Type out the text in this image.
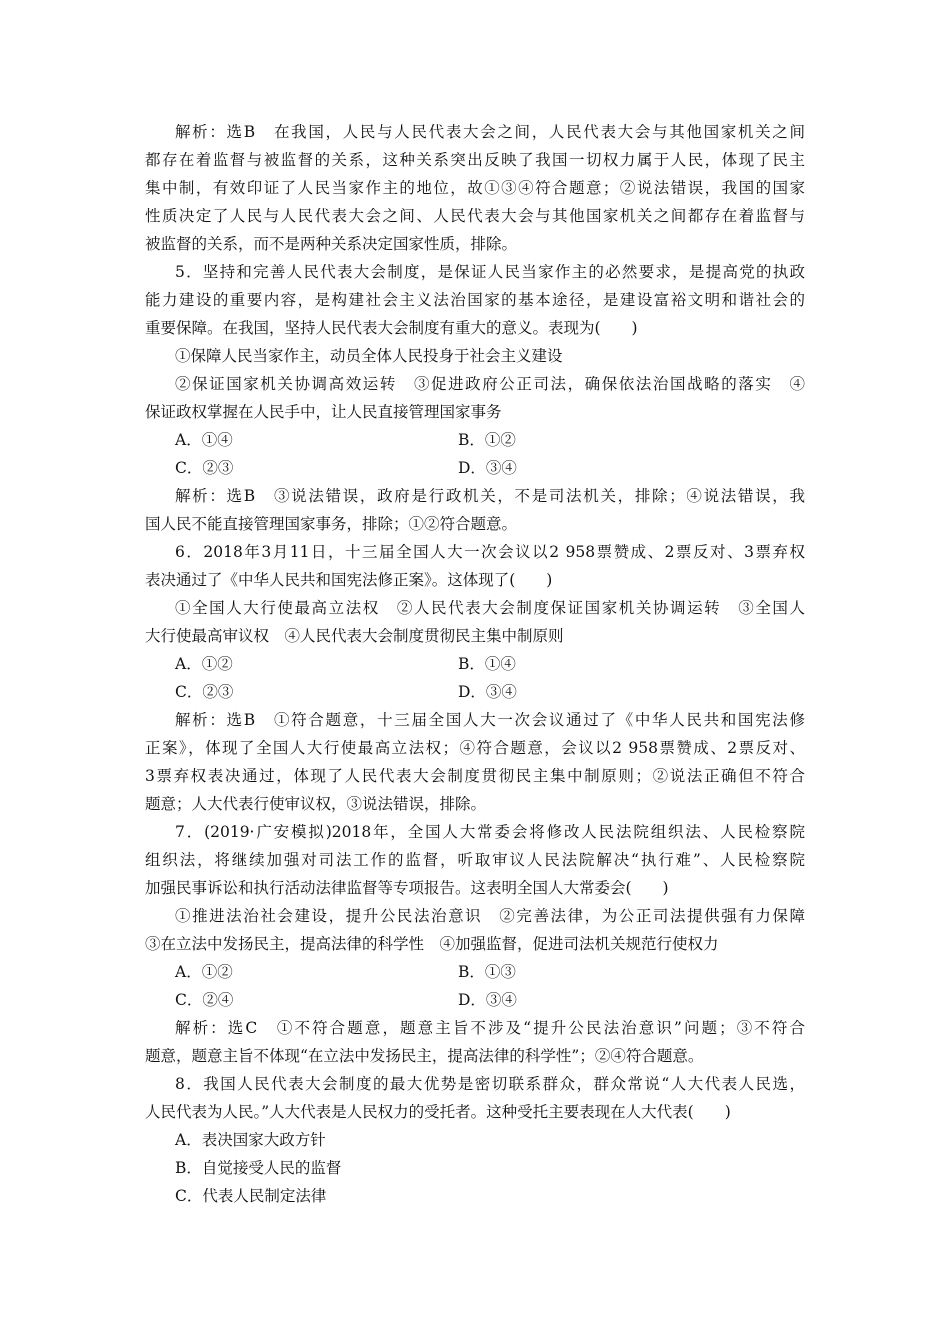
解析：选B　在我国，人民与人民代表大会之间，人民代表大会与其他国家机关之间
都存在着监督与被监督的关系，这种关系突出反映了我国一切权力属于人民，体现了民主
集中制，有效印证了人民当家作主的地位，故①③④符合题意；②说法错误，我国的国家
性质决定了人民与人民代表大会之间、人民代表大会与其他国家机关之间都存在着监督与
被监督的关系，而不是两种关系决定国家性质，排除。
5．坚持和完善人民代表大会制度，是保证人民当家作主的必然要求，是提高党的执政
能力建设的重要内容，是构建社会主义法治国家的基本途径，是建设富裕文明和谐社会的
重要保障。在我国，坚持人民代表大会制度有重大的意义。表现为(　　)
①保障人民当家作主，动员全体人民投身于社会主义建设
②保证国家机关协调高效运转　③促进政府公正司法，确保依法治国战略的落实　④
保证政权掌握在人民手中，让人民直接管理国家事务
A．①④	B．①②
C．②③	D．③④
解析：选B　③说法错误，政府是行政机关，不是司法机关，排除；④说法错误，我
国人民不能直接管理国家事务，排除；①②符合题意。
6．2018年3月11日，十三届全国人大一次会议以2 958票赞成、2票反对、3票弃权
表决通过了《中华人民共和国宪法修正案》。这体现了(　　)
①全国人大行使最高立法权　②人民代表大会制度保证国家机关协调运转　③全国人
大行使最高审议权　④人民代表大会制度贯彻民主集中制原则
A．①②	B．①④
C．②③	D．③④
解析：选B　①符合题意，十三届全国人大一次会议通过了《中华人民共和国宪法修
正案》，体现了全国人大行使最高立法权；④符合题意，会议以2 958票赞成、2票反对、
3票弃权表决通过，体现了人民代表大会制度贯彻民主集中制原则；②说法正确但不符合
题意；人大代表行使审议权，③说法错误，排除。
7．(2019·广安模拟)2018年，全国人大常委会将修改人民法院组织法、人民检察院
组织法，将继续加强对司法工作的监督，听取审议人民法院解决“执行难”、人民检察院
加强民事诉讼和执行活动法律监督等专项报告。这表明全国人大常委会(　　)
①推进法治社会建设，提升公民法治意识　②完善法律，为公正司法提供强有力保障
③在立法中发扬民主，提高法律的科学性　④加强监督，促进司法机关规范行使权力
A．①②	B．①③
C．②④	D．③④
解析：选C　①不符合题意，题意主旨不涉及“提升公民法治意识”问题；③不符合
题意，题意主旨不体现“在立法中发扬民主，提高法律的科学性”；②④符合题意。
8．我国人民代表大会制度的最大优势是密切联系群众，群众常说“人大代表人民选，
人民代表为人民。”人大代表是人民权力的受托者。这种受托主要表现在人大代表(　　)
A．表决国家大政方针
B．自觉接受人民的监督
C．代表人民制定法律
